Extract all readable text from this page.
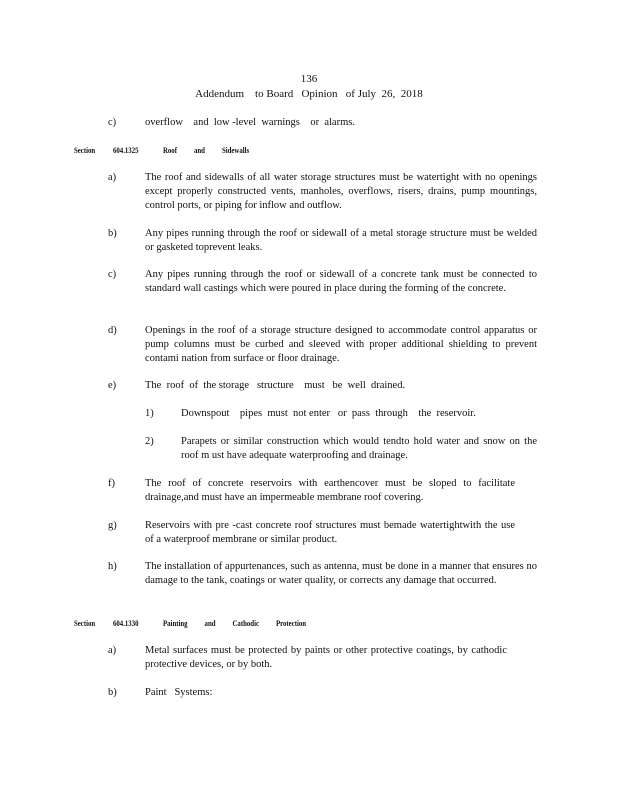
136
Addendum    to Board   Opinion   of July  26,  2018
c)	overflow    and  low -level  warnings    or  alarms.
Section 604.1325	Roof          and          Sidewalls
a)	The roof and sidewalls of all water storage structures must be watertight with no openings except properly constructed vents, manholes, overflows, risers, drains, pump mountings, control ports, or piping for inflow and outflow.
b)	Any pipes running through the roof or sidewall of a metal storage structure must be welded or gasketed toprevent leaks.
c)	Any pipes running through the roof or sidewall of a concrete tank must be connected to standard wall castings which were poured in place during the forming of the concrete.
d)	Openings in the roof of a storage structure designed to accommodate control apparatus or pump columns must be curbed and sleeved with proper additional shielding to prevent contami nation from surface or floor drainage.
e)	The  roof  of  the storage   structure    must   be  well  drained.
1)	Downspout    pipes  must  not enter   or  pass  through    the  reservoir.
2)	Parapets or similar construction which would tendto hold water and snow on the roof m ust have adequate waterproofing and drainage.
f)	The roof of concrete reservoirs with earthencover must be sloped to facilitate drainage,and must have an impermeable membrane roof covering.
g)	Reservoirs with pre -cast concrete roof structures must bemade watertightwith the use of a waterproof membrane or similar product.
h)	The installation of appurtenances, such as antenna, must be done in a manner that ensures no damage to the tank, coatings or water quality, or corrects any damage that occurred.
Section 604.1330	Painting          and          Cathodic          Protection
a)	Metal surfaces must be protected by paints or other protective coatings, by cathodic protective devices, or by both.
b)	Paint   Systems:
